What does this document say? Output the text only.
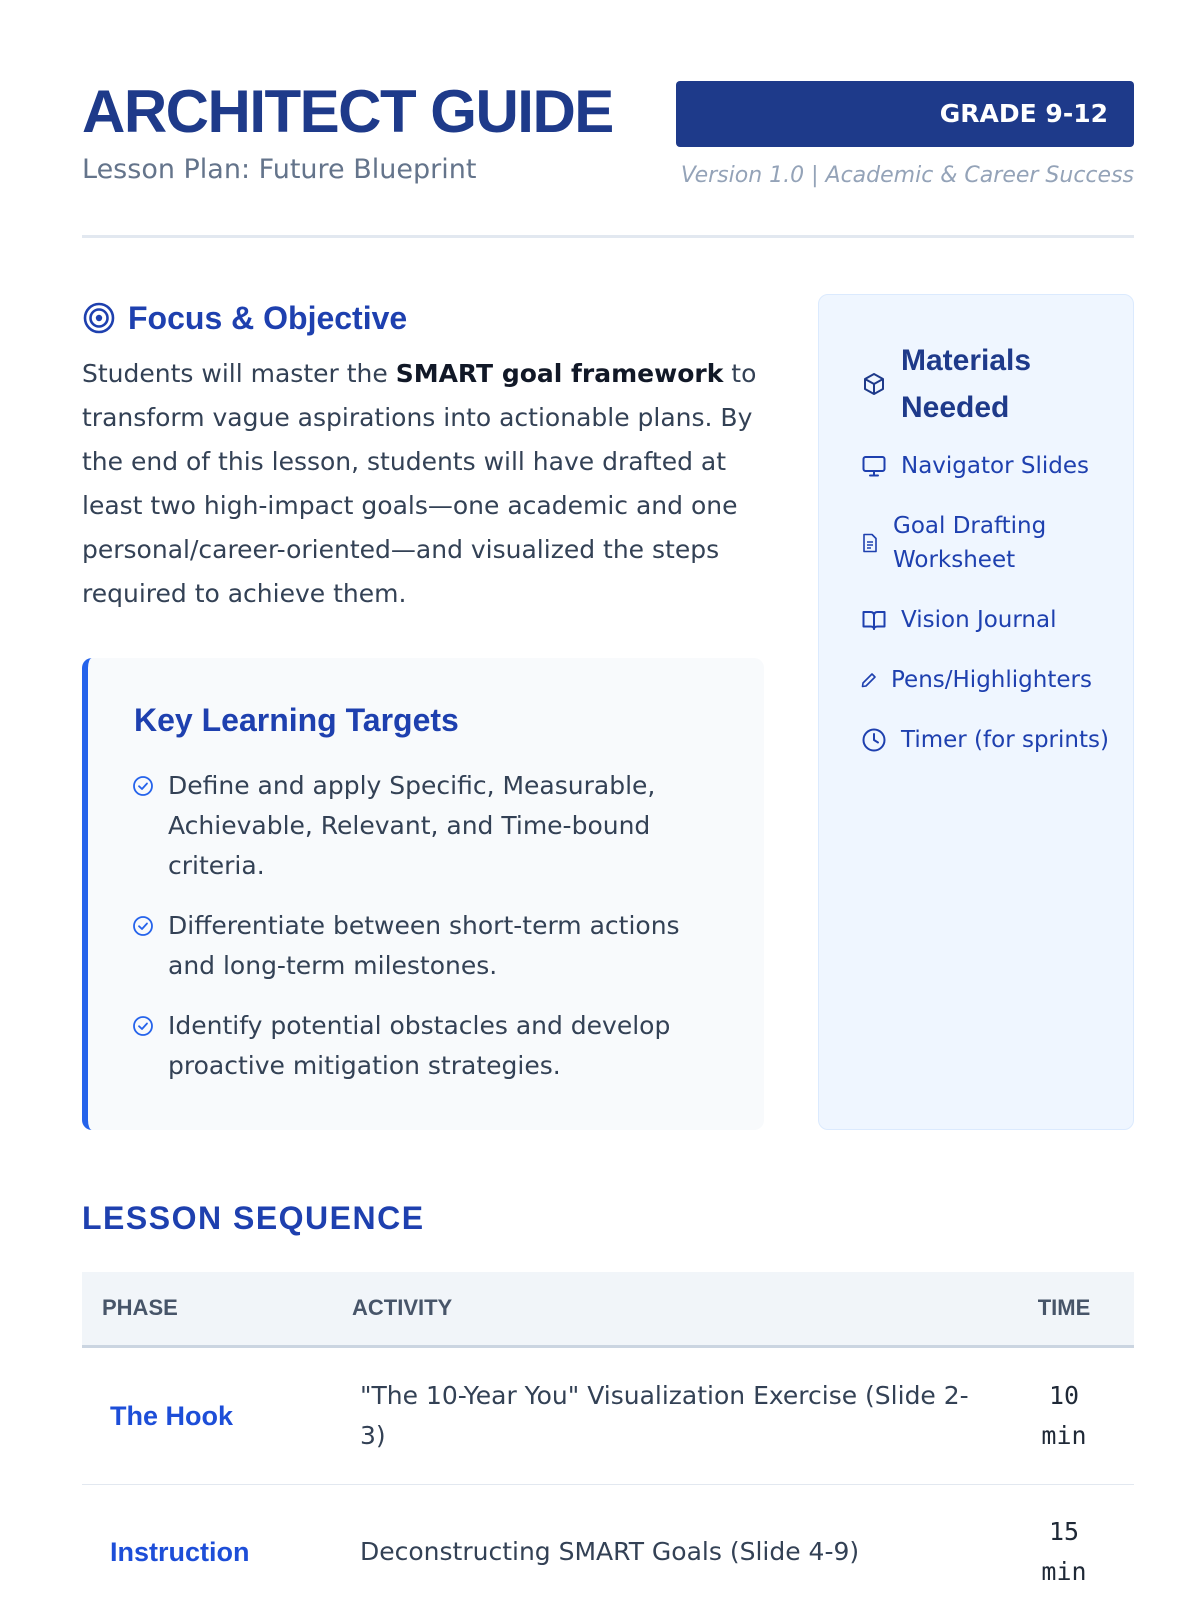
ARCHITECT GUIDE
Lesson Plan: Future Blueprint
GRADE 9-12
Version 1.0 | Academic & Career Success
Focus & Objective

Students will master the SMART goal framework to transform vague aspirations into actionable plans. By the end of this lesson, students will have drafted at least two high-impact goals—one academic and one personal/career-oriented—and visualized the steps required to achieve them.

Key Learning Targets
Define and apply Specific, Measurable, Achievable, Relevant, and Time-bound criteria.
Differentiate between short-term actions and long-term milestones.
Identify potential obstacles and develop proactive mitigation strategies.
Materials Needed
Navigator Slides
Goal Drafting Worksheet
Vision Journal
Pens/Highlighters
Timer (for sprints)
LESSON SEQUENCE
PHASE	ACTIVITY	TIME
The Hook	"The 10-Year You" Visualization Exercise (Slide 2-3)	10 min

Instruction	Deconstructing SMART Goals (Slide 4-9)	15 min
